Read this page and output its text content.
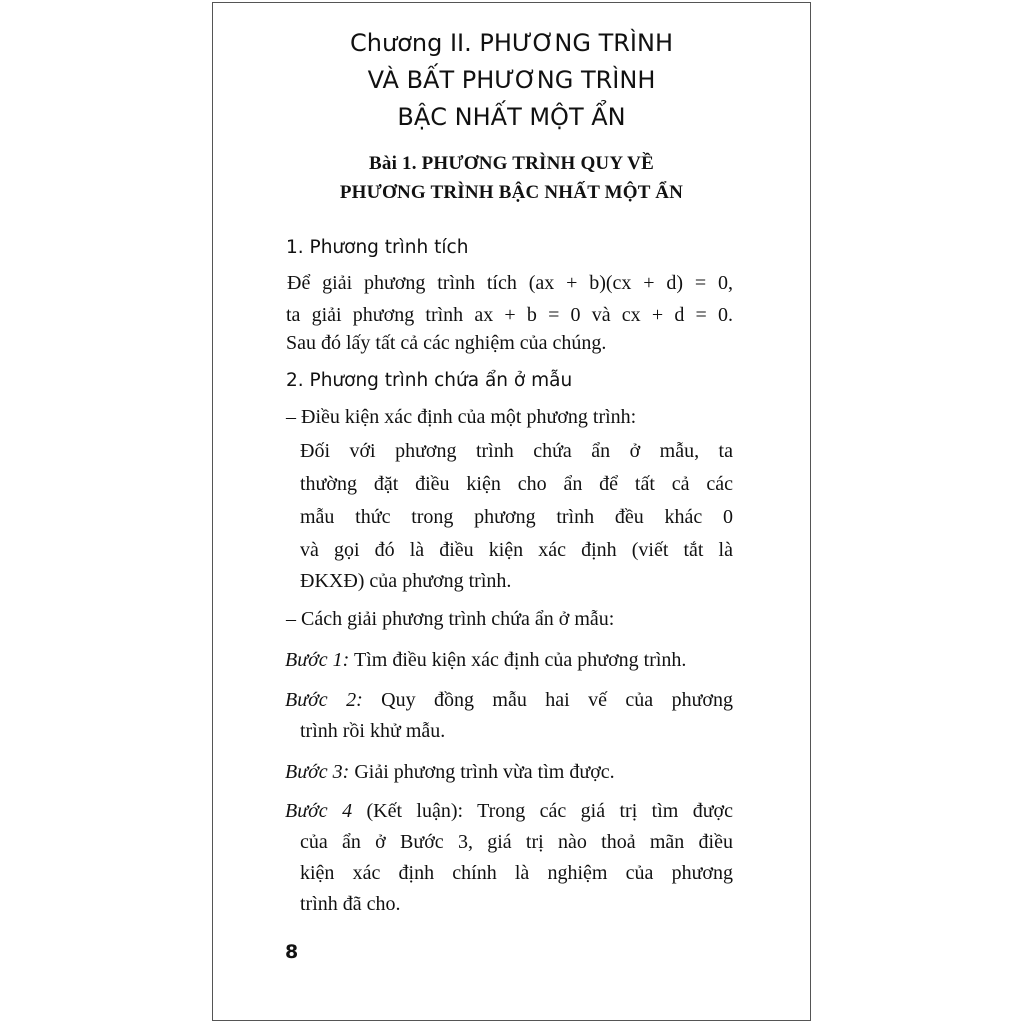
Chương II. PHƯƠNG TRÌNH
VÀ BẤT PHƯƠNG TRÌNH
BẬC NHẤT MỘT ẨN
Bài 1. PHƯƠNG TRÌNH QUY VỀ
PHƯƠNG TRÌNH BẬC NHẤT MỘT ẨN
1. Phương trình tích
Để giải phương trình tích (ax + b)(cx + d) = 0,
ta giải phương trình ax + b = 0 và cx + d = 0.
Sau đó lấy tất cả các nghiệm của chúng.
2. Phương trình chứa ẩn ở mẫu
– Điều kiện xác định của một phương trình:
Đối với phương trình chứa ẩn ở mẫu, ta
thường đặt điều kiện cho ẩn để tất cả các
mẫu thức trong phương trình đều khác 0
và gọi đó là điều kiện xác định (viết tắt là
ĐKXĐ) của phương trình.
– Cách giải phương trình chứa ẩn ở mẫu:
Bước 1: Tìm điều kiện xác định của phương trình.
Bước 2: Quy đồng mẫu hai vế của phương
trình rồi khử mẫu.
Bước 3: Giải phương trình vừa tìm được.
Bước 4 (Kết luận): Trong các giá trị tìm được
của ẩn ở Bước 3, giá trị nào thoả mãn điều
kiện xác định chính là nghiệm của phương
trình đã cho.
8
